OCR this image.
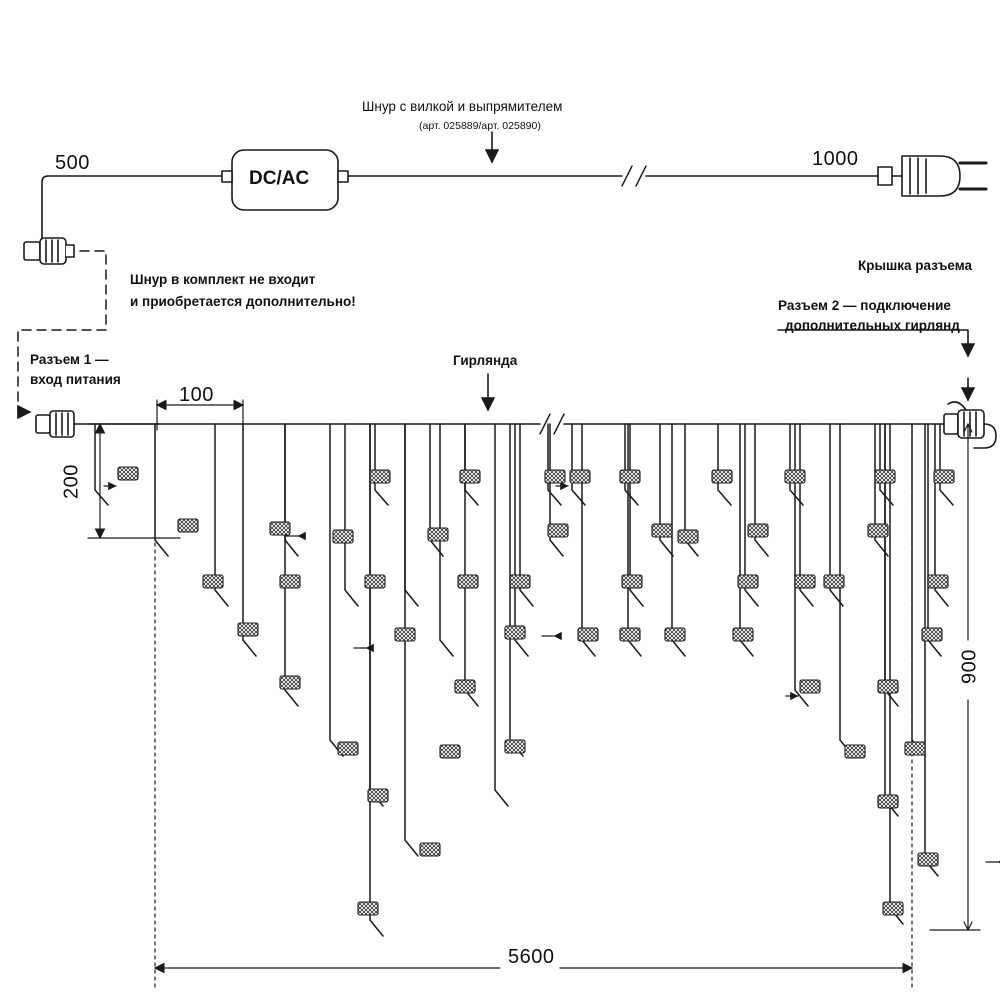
500	1000
Шнур с вилкой и выпрямителем
(арт. 025889/арт. 025890)
DC/AC
Шнур в комплект не входит
и приобретается дополнительно!
Разъем 1 —
вход питания
Гирлянда
Крышка разъема
Разъем 2 — подключение
дополнительных гирлянд
100
200
900
5600
